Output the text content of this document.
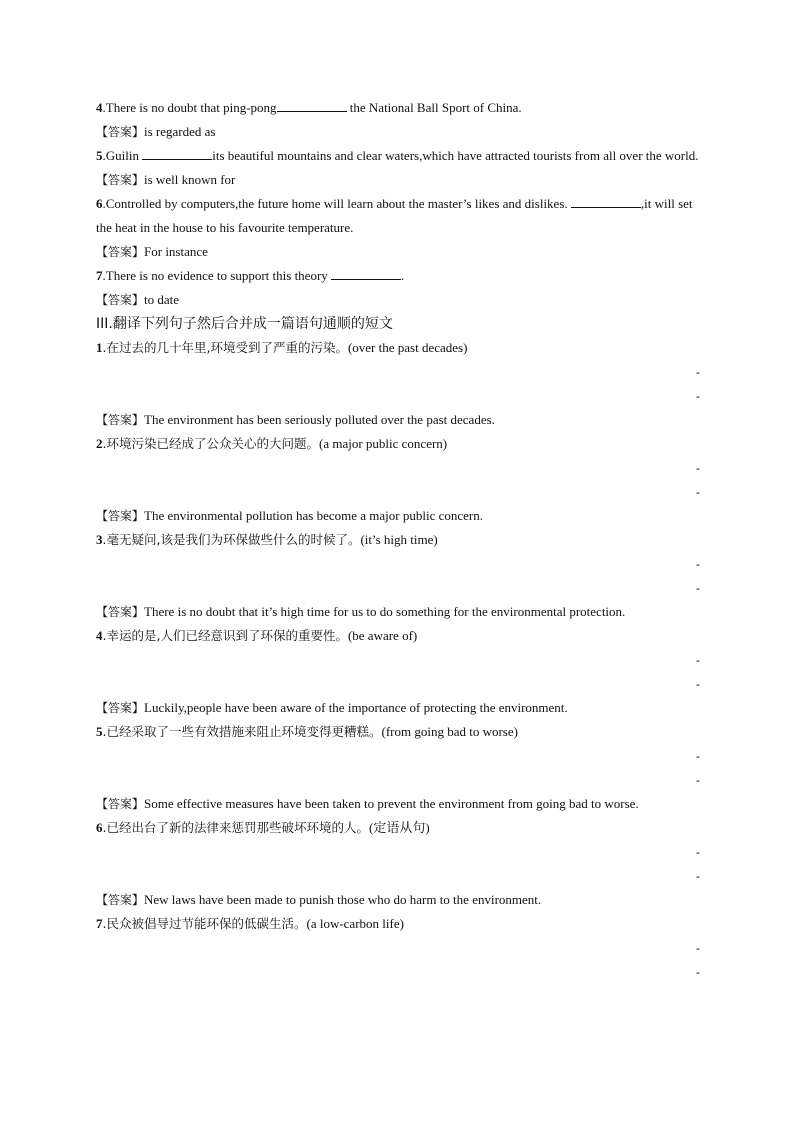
4.There is no doubt that ping-pong	the National Ball Sport of China.
【答案】is regarded as
5.Guilin	its beautiful mountains and clear waters,which have attracted tourists from all over the world.
【答案】is well known for
6.Controlled by computers,the future home will learn about the master’s likes and dislikes.	,it will set the heat in the house to his favourite temperature.
【答案】For instance
7.There is no evidence to support this theory	.
【答案】to date
III.翻译下列句子然后合并成一篇语句通顺的短文
1.在过去的几十年里,环境受到了严重的污染。(over the past decades)
-
-
【答案】The environment has been seriously polluted over the past decades.
2.环境污染已经成了公众关心的大问题。(a major public concern)
-
-
【答案】The environmental pollution has become a major public concern.
3.毫无疑问,该是我们为环保做些什么的时候了。(it’s high time)
-
-
【答案】There is no doubt that it’s high time for us to do something for the environmental protection.
4.幸运的是,人们已经意识到了环保的重要性。(be aware of)
-
-
【答案】Luckily,people have been aware of the importance of protecting the environment.
5.已经采取了一些有效措施来阻止环境变得更糟糕。(from going bad to worse)
-
-
【答案】Some effective measures have been taken to prevent the environment from going bad to worse.
6.已经出台了新的法律来惩罚那些破坏环境的人。(定语从句)
-
-
【答案】New laws have been made to punish those who do harm to the environment.
7.民众被倡导过节能环保的低碳生活。(a low-carbon life)
-
-
